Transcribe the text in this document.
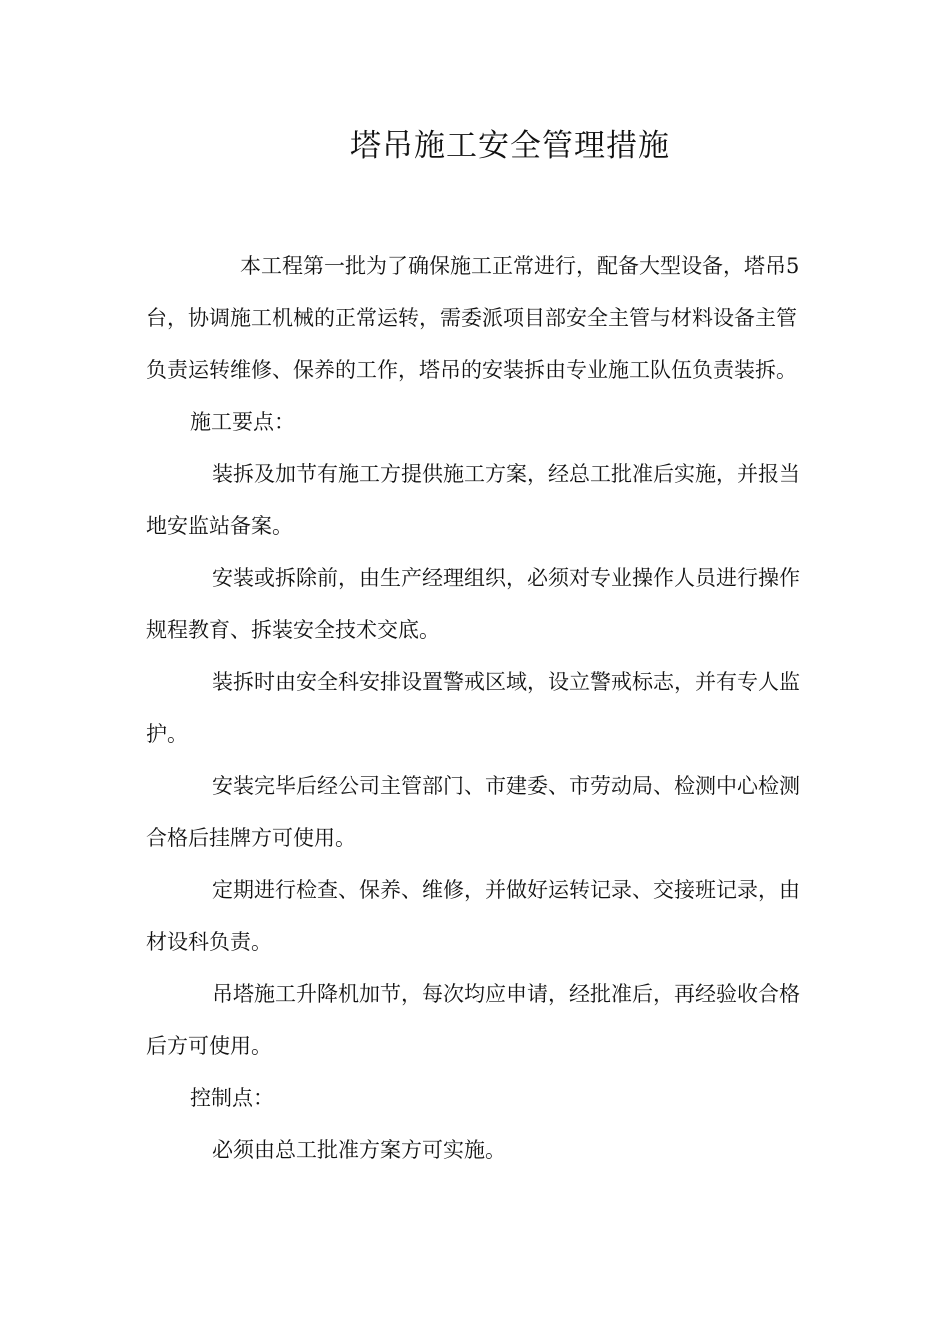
塔吊施工安全管理措施

本工程第一批为了确保施工正常进行，配备大型设备，塔吊5台，协调施工机械的正常运转，需委派项目部安全主管与材料设备主管负责运转维修、保养的工作，塔吊的安装拆由专业施工队伍负责装拆。

施工要点：

装拆及加节有施工方提供施工方案，经总工批准后实施，并报当地安监站备案。

安装或拆除前，由生产经理组织，必须对专业操作人员进行操作规程教育、拆装安全技术交底。

装拆时由安全科安排设置警戒区域，设立警戒标志，并有专人监护。

安装完毕后经公司主管部门、市建委、市劳动局、检测中心检测合格后挂牌方可使用。

定期进行检查、保养、维修，并做好运转记录、交接班记录，由材设科负责。

吊塔施工升降机加节，每次均应申请，经批准后，再经验收合格后方可使用。

控制点：

必须由总工批准方案方可实施。
